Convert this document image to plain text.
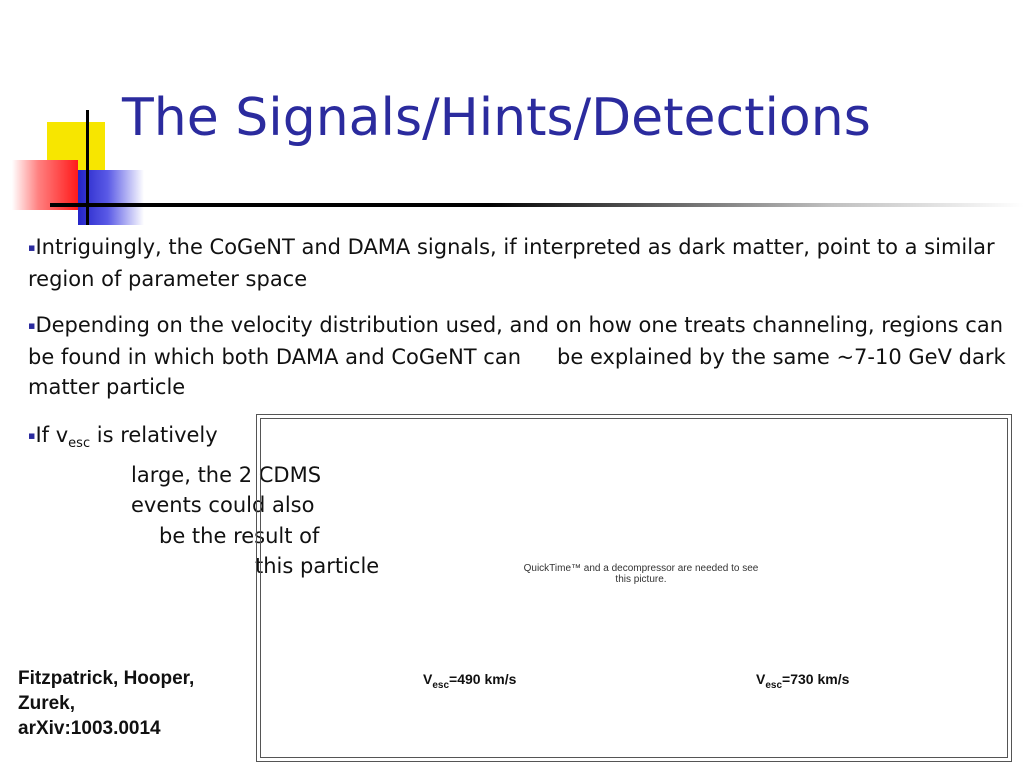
The Signals/Hints/Detections
▪Intriguingly, the CoGeNT and DAMA signals, if interpreted as dark matter, point to a similar region of parameter space
▪Depending on the velocity distribution used, and on how one treats channeling, regions can be found in which both DAMA and CoGeNT can be explained by the same ~7-10 GeV dark matter particle
▪If $v_{esc}$ is relatively
large, the 2 CDMS
events could also
be the result of
this particle	QuickTime™ and a decompressor are needed to see this picture.
$V_{esc}=490$ km/s	$V_{esc}=730$ km/s
Fitzpatrick, Hooper,
Zurek,
arXiv:1003.0014
